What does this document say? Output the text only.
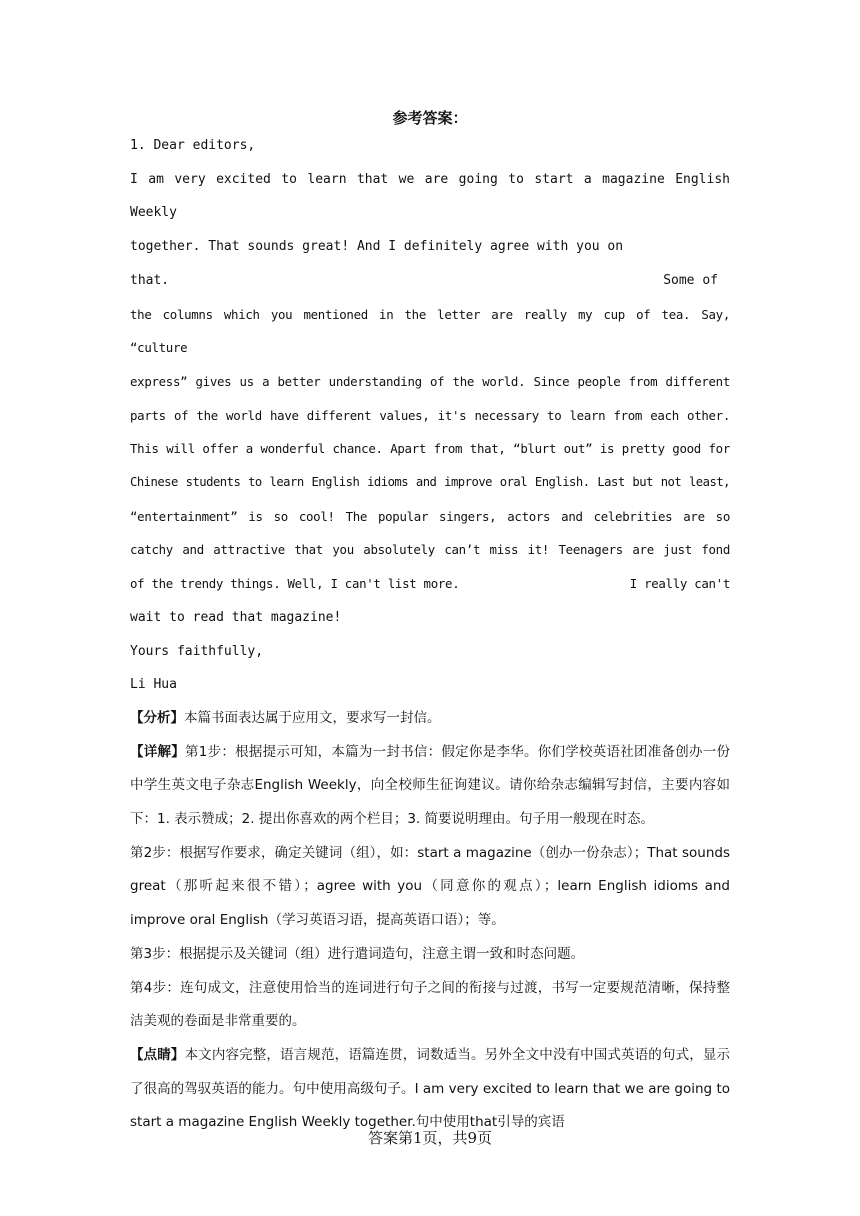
参考答案：

1. Dear editors,

I am very excited to learn that we are going to start a magazine English Weekly

together. That sounds great! And I definitely agree with you on

that.	Some of

the columns which you mentioned in the letter are really my cup of tea. Say, “culture

express” gives us a better understanding of the world. Since people from different

parts of the world have different values, it's necessary to learn from each other.

This will offer a wonderful chance. Apart from that, “blurt out” is pretty good for

Chinese students to learn English idioms and improve oral English. Last but not least,

“entertainment” is so cool! The popular singers, actors and celebrities are so

catchy and attractive that you absolutely can’t miss it! Teenagers are just fond

of the trendy things. Well, I can't list more.	I really can't

wait to read that magazine!

Yours faithfully,

Li Hua

【分析】本篇书面表达属于应用文，要求写一封信。

【详解】第1步：根据提示可知，本篇为一封书信：假定你是李华。你们学校英语社团准备创办一份中学生英文电子杂志English Weekly，向全校师生征询建议。请你给杂志编辑写封信，主要内容如下：1. 表示赞成；2. 提出你喜欢的两个栏目；3. 简要说明理由。句子用一般现在时态。

第2步：根据写作要求，确定关键词（组），如：start a magazine（创办一份杂志）；That sounds great（那听起来很不错）；agree with you（同意你的观点）；learn English idioms and improve oral English（学习英语习语，提高英语口语）；等。

第3步：根据提示及关键词（组）进行遣词造句，注意主谓一致和时态问题。

第4步：连句成文，注意使用恰当的连词进行句子之间的衔接与过渡，书写一定要规范清晰，保持整洁美观的卷面是非常重要的。

【点睛】本文内容完整，语言规范，语篇连贯，词数适当。另外全文中没有中国式英语的句式，显示了很高的驾驭英语的能力。句中使用高级句子。I am very excited to learn that we are going to start a magazine English Weekly together.句中使用that引导的宾语

答案第1页，共9页
